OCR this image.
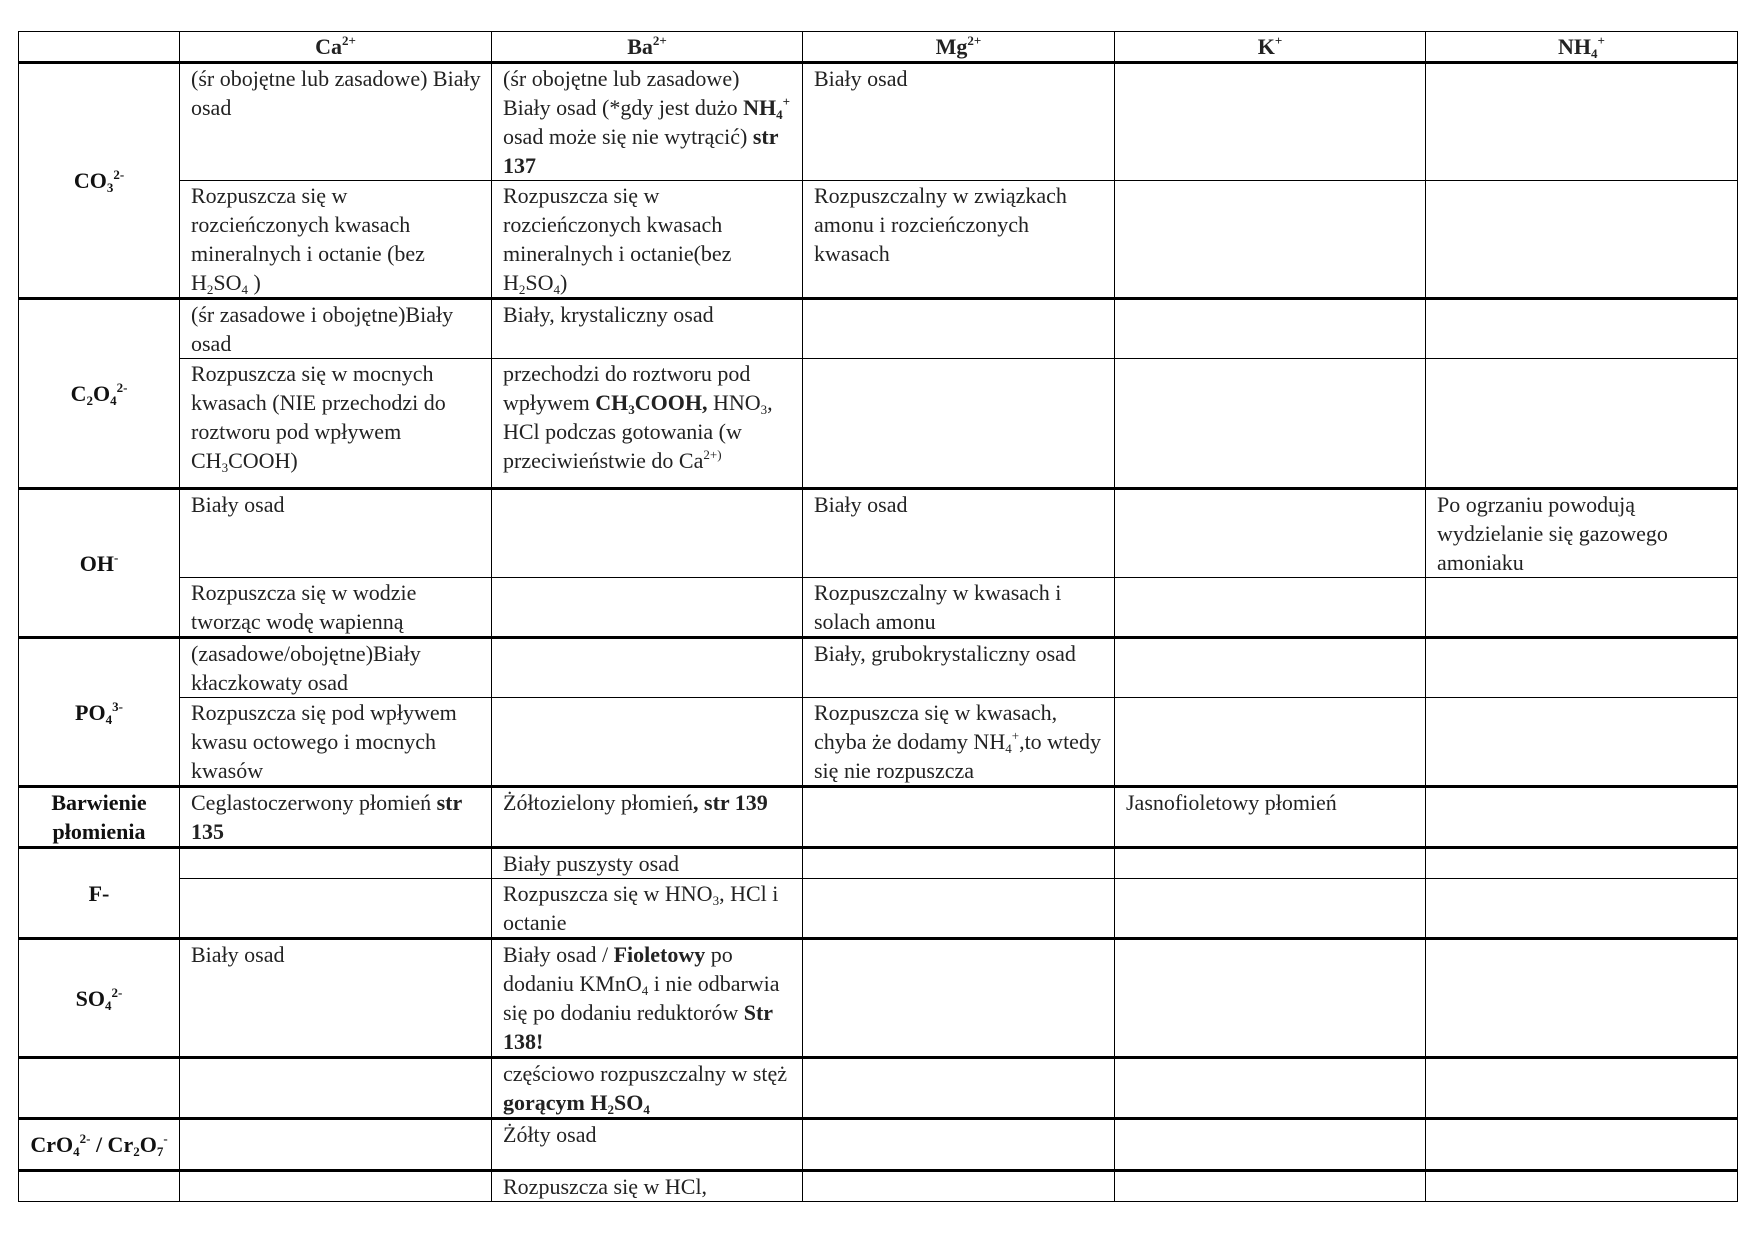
	$Ca^{2+}$	$Ba^{2+}$	$Mg^{2+}$	K+	$NH_4^+$
$CO_3^{2-}$	(śr obojętne lub zasadowe) Biały osad	(śr obojętne lub zasadowe) Biały osad (*gdy jest dużo $NH_4^+$ osad może się nie wytrącić) str 137	Biały osad		
	Rozpuszcza się w rozcieńczonych kwasach mineralnych i octanie (bez $H_2SO_4$ )	Rozpuszcza się w rozcieńczonych kwasach mineralnych i octanie(bez $H_2SO_4$)	Rozpuszczalny w związkach amonu i rozcieńczonych kwasach		
$C_2O_4^{2-}$	(śr zasadowe i obojętne)Biały osad	Biały, krystaliczny osad			
	Rozpuszcza się w mocnych kwasach (NIE przechodzi do roztworu pod wpływem $CH_3COOH$)	przechodzi do roztworu pod wpływem $CH_3COOH$, $HNO_3$, HCl podczas gotowania (w przeciwieństwie do $Ca^{2+)}$			
OH-	Biały osad		Biały osad		Po ogrzaniu powodują wydzielanie się gazowego amoniaku
	Rozpuszcza się w wodzie tworząc wodę wapienną		Rozpuszczalny w kwasach i solach amonu		
$PO_4^{3-}$	(zasadowe/obojętne)Biały kłaczkowaty osad		Biały, grubokrystaliczny osad		
	Rozpuszcza się pod wpływem kwasu octowego i mocnych kwasów		Rozpuszcza się w kwasach, chyba że dodamy $NH_4^+,to$ wtedy się nie rozpuszcza		
Barwienie płomienia	Ceglastoczerwony płomień str 135	Żółtozielony płomień, str 139		Jasnofioletowy płomień	
F-		Biały puszysty osad			
		Rozpuszcza się w $HNO_3$, HCl i octanie			
$SO_4^{2-}$	Biały osad	Biały osad / Fioletowy po dodaniu KMnO$_4$ i nie odbarwia się po dodaniu reduktorów Str 138!			
		częściowo rozpuszczalny w stęż gorącym $H_2SO_4$			
$CrO_4^{2-} / Cr_2O_7^-$		Żółty osad			
		Rozpuszcza się w HCl,			
